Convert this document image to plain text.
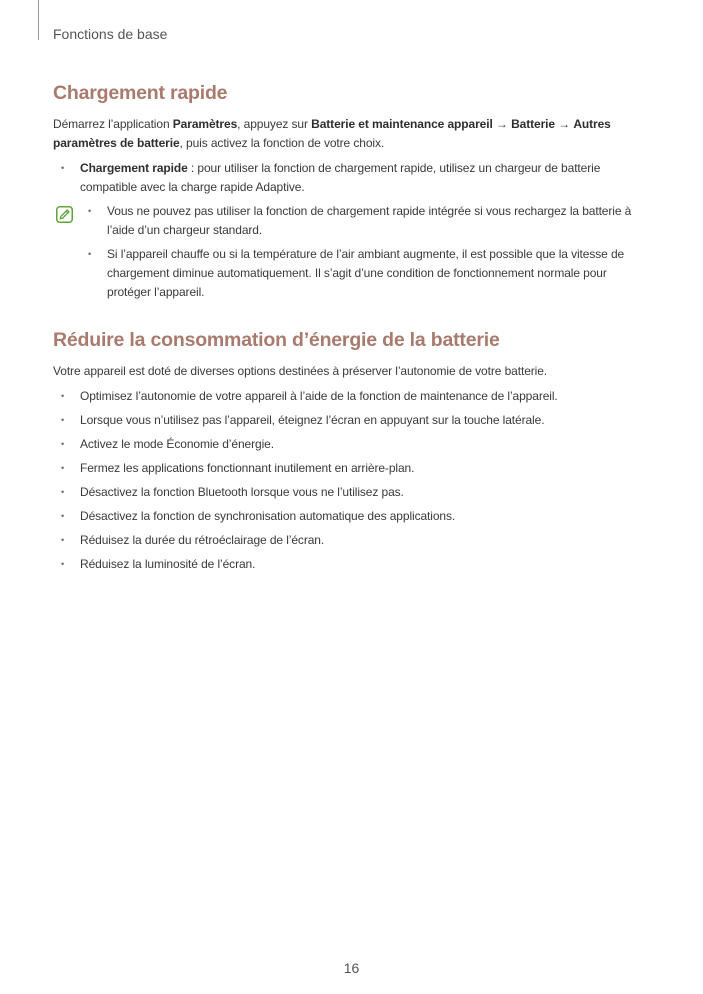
Fonctions de base
Chargement rapide

Démarrez l’application Paramètres, appuyez sur Batterie et maintenance appareil → Batterie → Autres paramètres de batterie, puis activez la fonction de votre choix.

• Chargement rapide : pour utiliser la fonction de chargement rapide, utilisez un chargeur de batterie compatible avec la charge rapide Adaptive.
• Vous ne pouvez pas utiliser la fonction de chargement rapide intégrée si vous rechargez la batterie à l’aide d’un chargeur standard.
• Si l’appareil chauffe ou si la température de l’air ambiant augmente, il est possible que la vitesse de chargement diminue automatiquement. Il s’agit d’une condition de fonctionnement normale pour protéger l’appareil.
Réduire la consommation d’énergie de la batterie

Votre appareil est doté de diverses options destinées à préserver l’autonomie de votre batterie.

• Optimisez l’autonomie de votre appareil à l’aide de la fonction de maintenance de l’appareil.
• Lorsque vous n’utilisez pas l’appareil, éteignez l’écran en appuyant sur la touche latérale.
• Activez le mode Économie d’énergie.
• Fermez les applications fonctionnant inutilement en arrière-plan.
• Désactivez la fonction Bluetooth lorsque vous ne l’utilisez pas.
• Désactivez la fonction de synchronisation automatique des applications.
• Réduisez la durée du rétroéclairage de l’écran.
• Réduisez la luminosité de l’écran.
16
